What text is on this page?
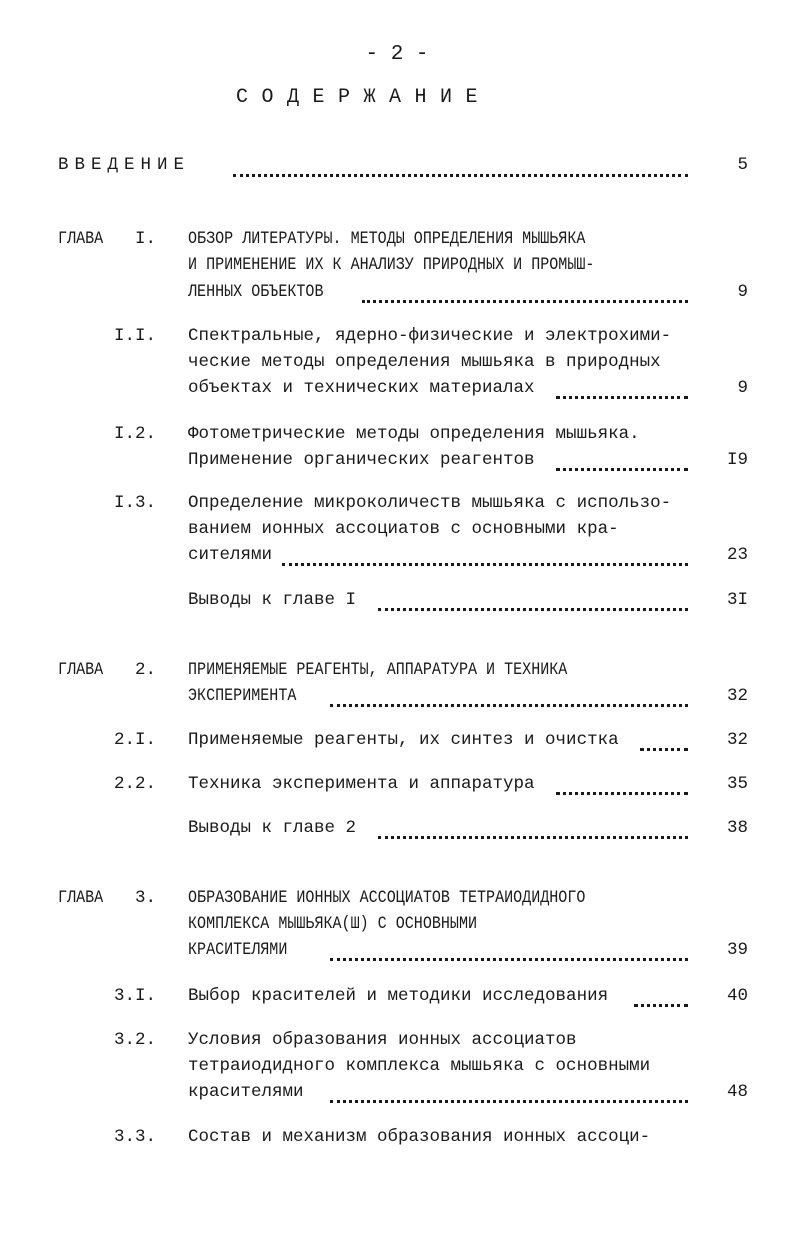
- 2 -
СОДЕРЖАНИЕ
ВВЕДЕНИЕ	5
ГЛАВА	I. ОБЗОР ЛИТЕРАТУРЫ. МЕТОДЫ ОПРЕДЕЛЕНИЯ МЫШЬЯКА
И ПРИМЕНЕНИЕ ИХ К АНАЛИЗУ ПРИРОДНЫХ И ПРОМЫШ-
ЛЕННЫХ ОБЪЕКТОВ	9
I.I. Спектральные, ядерно-физические и электрохими-
ческие методы определения мышьяка в природных
объектах и технических материалах	9
I.2. Фотометрические методы определения мышьяка.
Применение органических реагентов	I9
I.3. Определение микроколичеств мышьяка с использо-
ванием ионных ассоциатов с основными кра-
сителями	23
Выводы к главе I	3I
ГЛАВА	2. ПРИМЕНЯЕМЫЕ РЕАГЕНТЫ, АППАРАТУРА И ТЕХНИКА
ЭКСПЕРИМЕНТА	32
2.I. Применяемые реагенты, их синтез и очистка	32
2.2. Техника эксперимента и аппаратура	35
Выводы к главе 2	38
ГЛАВА	3. ОБРАЗОВАНИЕ ИОННЫХ АССОЦИАТОВ ТЕТРАИОДИДНОГО
КОМПЛЕКСА МЫШЬЯКА(Ш) С ОСНОВНЫМИ
КРАСИТЕЛЯМИ	39
3.I. Выбор красителей и методики исследования	40
3.2. Условия образования ионных ассоциатов
тетраиодидного комплекса мышьяка с основными
красителями	48
3.3. Состав и механизм образования ионных ассоци-
